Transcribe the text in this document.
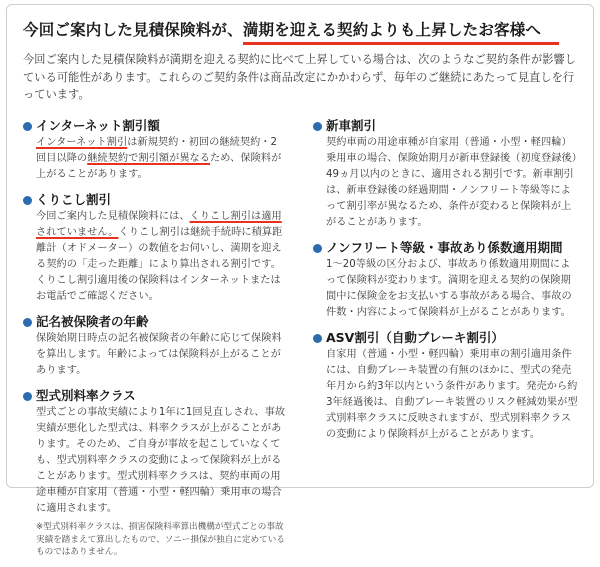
今回ご案内した見積保険料が、満期を迎える契約よりも上昇したお客様へ

今回ご案内した見積保険料が満期を迎える契約に比べて上昇している場合は、次のようなご契約条件が影響している可能性があります。これらのご契約条件は商品改定にかかわらず、毎年のご継続にあたって見直しを行っています。

インターネット割引額

インターネット割引は新規契約・初回の継続契約・2回目以降の継続契約で割引額が異なるため、保険料が上がることがあります。

くりこし割引

今回ご案内した見積保険料には、くりこし割引は適用されていません。くりこし割引は継続手続時に積算距離計（オドメーター）の数値をお伺いし、満期を迎える契約の「走った距離」により算出される割引です。くりこし割引適用後の保険料はインターネットまたはお電話でご確認ください。

記名被保険者の年齢

保険始期日時点の記名被保険者の年齢に応じて保険料を算出します。年齢によっては保険料が上がることがあります。

型式別料率クラス

型式ごとの事故実績により1年に1回見直しされ、事故実績が悪化した型式は、料率クラスが上がることがあります。そのため、ご自身が事故を起こしていなくても、型式別料率クラスの変動によって保険料が上がることがあります。型式別料率クラスは、契約車両の用途車種が自家用（普通・小型・軽四輪）乗用車の場合に適用されます。

※型式別料率クラスは、損害保険料率算出機構が型式ごとの事故実績を踏まえて算出したもので、ソニー損保が独自に定めているものではありません。

新車割引

契約車両の用途車種が自家用（普通・小型・軽四輪）乗用車の場合、保険始期月が新車登録後（初度登録後）49ヵ月以内のときに、適用される割引です。新車割引は、新車登録後の経過期間・ノンフリート等級等によって割引率が異なるため、条件が変わると保険料が上がることがあります。

ノンフリート等級・事故あり係数適用期間

1〜20等級の区分および、事故あり係数適用期間によって保険料が変わります。満期を迎える契約の保険期間中に保険金をお支払いする事故がある場合、事故の件数・内容によって保険料が上がることがあります。

ASV割引（自動ブレーキ割引）

自家用（普通・小型・軽四輪）乗用車の割引適用条件には、自動ブレーキ装置の有無のほかに、型式の発売年月から約3年以内という条件があります。発売から約3年経過後は、自動ブレーキ装置のリスク軽減効果が型式別料率クラスに反映されますが、型式別料率クラスの変動により保険料が上がることがあります。
